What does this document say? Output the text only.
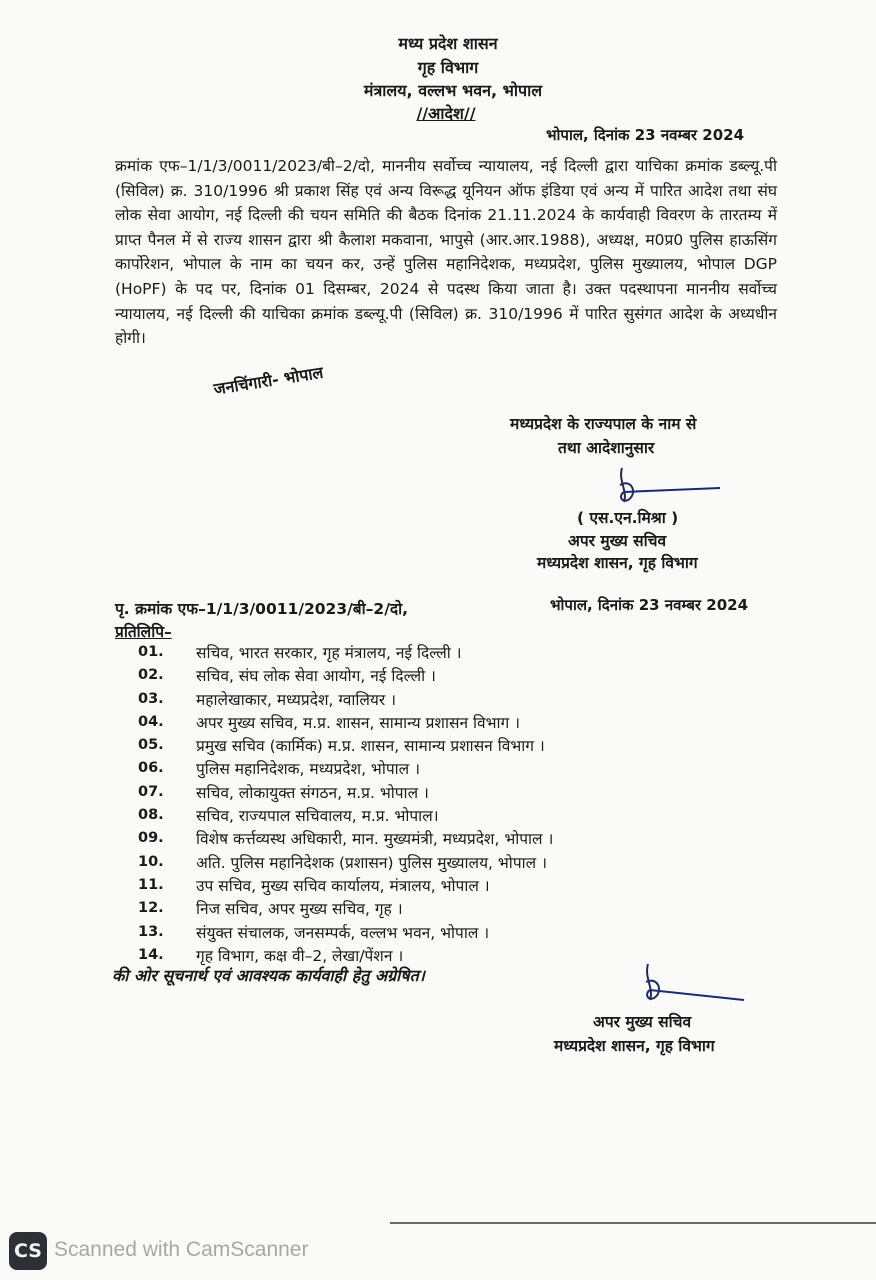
मध्य प्रदेश शासन
गृह विभाग
मंत्रालय, वल्लभ भवन, भोपाल
//आदेश//
भोपाल, दिनांक 23 नवम्बर 2024

क्रमांक एफ–1/1/3/0011/2023/बी–2/दो, माननीय सर्वोच्च न्यायालय, नई दिल्ली द्वारा याचिका क्रमांक डब्ल्यू.पी (सिविल) क्र. 310/1996 श्री प्रकाश सिंह एवं अन्य विरूद्ध यूनियन ऑफ इंडिया एवं अन्य में पारित आदेश तथा संघ लोक सेवा आयोग, नई दिल्ली की चयन समिति की बैठक दिनांक 21.11.2024 के कार्यवाही विवरण के तारतम्य में प्राप्त पैनल में से राज्य शासन द्वारा श्री कैलाश मकवाना, भापुसे (आर.आर.1988), अध्यक्ष, म0प्र0 पुलिस हाऊसिंग कार्पोरेशन, भोपाल के नाम का चयन कर, उन्हें पुलिस महानिदेशक, मध्यप्रदेश, पुलिस मुख्यालय, भोपाल DGP (HoPF) के पद पर, दिनांक 01 दिसम्बर, 2024 से पदस्थ किया जाता है। उक्त पदस्थापना माननीय सर्वोच्च न्यायालय, नई दिल्ली की याचिका क्रमांक डब्ल्यू.पी (सिविल) क्र. 310/1996 में पारित सुसंगत आदेश के अध्यधीन होगी।

जनचिंगारी- भोपाल
मध्यप्रदेश के राज्यपाल के नाम से
तथा आदेशानुसार
( एस.एन.मिश्रा )
अपर मुख्य सचिव
मध्यप्रदेश शासन, गृह विभाग
पृ. क्रमांक एफ–1/1/3/0011/2023/बी–2/दो,	भोपाल, दिनांक 23 नवम्बर 2024
प्रतिलिपि–
01.	सचिव, भारत सरकार, गृह मंत्रालय, नई दिल्ली ।
02.	सचिव, संघ लोक सेवा आयोग, नई दिल्ली ।
03.	महालेखाकार, मध्यप्रदेश, ग्वालियर ।
04.	अपर मुख्य सचिव, म.प्र. शासन, सामान्य प्रशासन विभाग ।
05.	प्रमुख सचिव (कार्मिक) म.प्र. शासन, सामान्य प्रशासन विभाग ।
06.	पुलिस महानिदेशक, मध्यप्रदेश, भोपाल ।
07.	सचिव, लोकायुक्त संगठन, म.प्र. भोपाल ।
08.	सचिव, राज्यपाल सचिवालय, म.प्र. भोपाल।
09.	विशेष कर्त्तव्यस्थ अधिकारी, मान. मुख्यमंत्री, मध्यप्रदेश, भोपाल ।
10.	अति. पुलिस महानिदेशक (प्रशासन) पुलिस मुख्यालय, भोपाल ।
11.	उप सचिव, मुख्य सचिव कार्यालय, मंत्रालय, भोपाल ।
12.	निज सचिव, अपर मुख्य सचिव, गृह ।
13.	संयुक्त संचालक, जनसम्पर्क, वल्लभ भवन, भोपाल ।
14.	गृह विभाग, कक्ष वी–2, लेखा/पेंशन ।
की ओर सूचनार्थ एवं आवश्यक कार्यवाही हेतु अग्रेषित।
अपर मुख्य सचिव
मध्यप्रदेश शासन, गृह विभाग
CS Scanned with CamScanner
